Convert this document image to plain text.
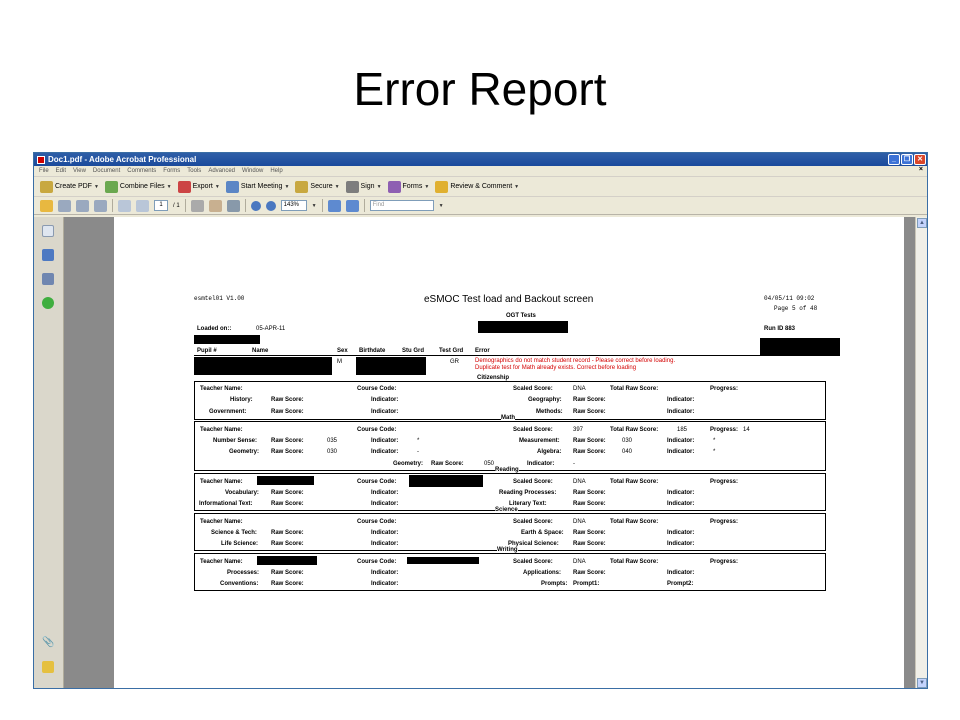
Error Report
Doc1.pdf - Adobe Acrobat Professional	_	❐ ✕
File Edit View Document Comments Forms Tools Advanced Window Help	×
Create PDF ▼	Combine Files ▼	Export ▼	Start Meeting ▼	Secure ▼	Sign ▼	Forms ▼	Review & Comment ▼
1	/ 1	143%	▼	Find	▼
📎
esmtel01 V1.00	eSMOC Test load and Backout screen	04/05/11 09:02
Page 5 of 48
OGT Tests
Loaded on::	05-APR-11	Run ID 883
Pupil #	Name	Sex Birthdate	Stu Grd	Test Grd Error
M	GR	Demographics do not match student record - Please correct before loading.
Duplicate test for Math already exists. Correct before loading
Citizenship
Teacher Name:	Course Code:	Scaled Score:	DNA	Total Raw Score:	Progress:
History:	Raw Score:	Indicator:	Geography: Raw Score:	Indicator:
Government:	Raw Score:	Indicator:	Methods: Raw Score:	Indicator:
Math
Teacher Name:	Course Code:	Scaled Score:	397	Total Raw Score:	185	Progress: 14
Number Sense: Raw Score:	035	Indicator:	*	Measurement: Raw Score:	030	Indicator:	*
Geometry: Raw Score:	030	Indicator:	-	Algebra: Raw Score:	040	Indicator:	*
Geometry: Raw Score:	050	Indicator:	-
Reading
Teacher Name:	Course Code:	Scaled Score:	DNA	Total Raw Score:	Progress:
Vocabulary: Raw Score:	Indicator:	Reading Processes:	Raw Score:	Indicator:
Informational Text:	Raw Score:	Indicator:	Literary Text:	Raw Score:	Indicator:
Science
Teacher Name:	Course Code:	Scaled Score:	DNA	Total Raw Score:	Progress:
Science & Tech: Raw Score:	Indicator:	Earth & Space: Raw Score:	Indicator:
Life Science: Raw Score:	Indicator:	Physical Science: Raw Score:	Indicator:
Writing
Teacher Name:	Course Code:	Scaled Score:	DNA	Total Raw Score:	Progress:
Processes: Raw Score:	Indicator:	Applications: Raw Score:	Indicator:
Conventions: Raw Score:	Indicator:	Prompts: Prompt1:	Prompt2:
▲
▼
